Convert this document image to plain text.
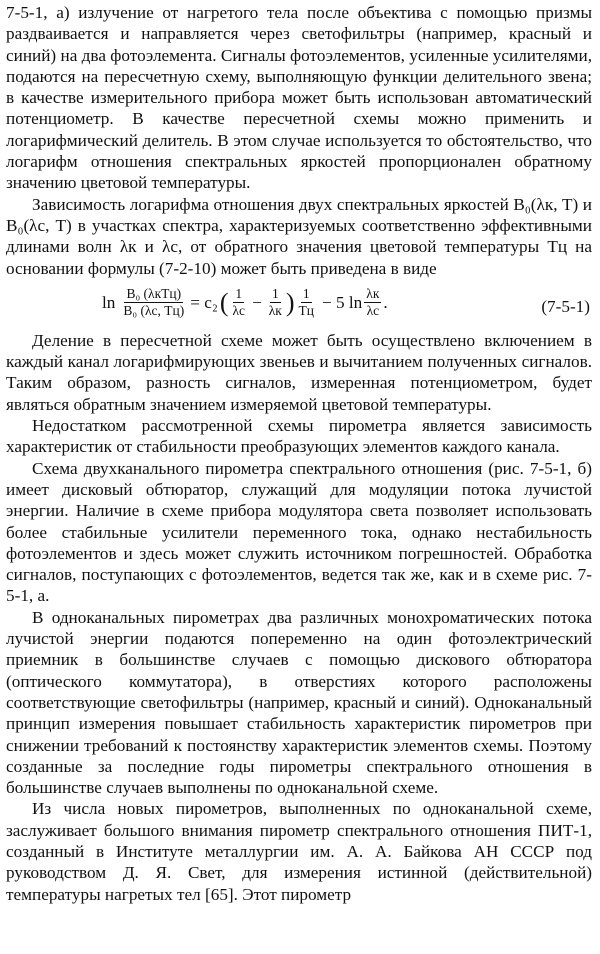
7-5-1, а) излучение от нагретого тела после объектива с помощью призмы раздваивается и направляется через светофильтры (например, красный и синий) на два фотоэлемента. Сигналы фотоэлементов, усиленные усилителями, подаются на пересчетную схему, выполняющую функции делительного звена; в качестве измерительного прибора может быть использован автоматический потенциометр. В качестве пересчетной схемы можно применить и логарифмический делитель. В этом случае используется то обстоятельство, что логарифм отношения спектральных яркостей пропорционален обратному значению цветовой температуры.

Зависимость логарифма отношения двух спектральных яркостей B₀(λк, T) и B₀(λс, T) в участках спектра, характеризуемых соответственно эффективными длинами волн λк и λс, от обратного значения цветовой температуры Tц на основании формулы (7-2-10) может быть приведена в виде

$\ln \frac{\text{B₀ (λкTц)}}{\text{B₀ (λс, Tц)}} = c_2$ ( $\frac{1}{\lambda с} - \frac{1}{\lambda к}$ ) $\frac{1}{Tц} - 5$ $\ln \frac{\lambda к}{\lambda с}$ .	(7-5-1)

Деление в пересчетной схеме может быть осуществлено включением в каждый канал логарифмирующих звеньев и вычитанием полученных сигналов. Таким образом, разность сигналов, измеренная потенциометром, будет являться обратным значением измеряемой цветовой температуры.

Недостатком рассмотренной схемы пирометра является зависимость характеристик от стабильности преобразующих элементов каждого канала.

Схема двухканального пирометра спектрального отношения (рис. 7-5-1, б) имеет дисковый обтюратор, служащий для модуляции потока лучистой энергии. Наличие в схеме прибора модулятора света позволяет использовать более стабильные усилители переменного тока, однако нестабильность фотоэлементов и здесь может служить источником погрешностей. Обработка сигналов, поступающих с фотоэлементов, ведется так же, как и в схеме рис. 7-5-1, а.

В одноканальных пирометрах два различных монохроматических потока лучистой энергии подаются попеременно на один фотоэлектрический приемник в большинстве случаев с помощью дискового обтюратора (оптического коммутатора), в отверстиях которого расположены соответствующие светофильтры (например, красный и синий). Одноканальный принцип измерения повышает стабильность характеристик пирометров при снижении требований к постоянству характеристик элементов схемы. Поэтому созданные за последние годы пирометры спектрального отношения в большинстве случаев выполнены по одноканальной схеме.

Из числа новых пирометров, выполненных по одноканальной схеме, заслуживает большого внимания пирометр спектрального отношения ПИТ-1, созданный в Институте металлургии им. А. А. Байкова АН СССР под руководством Д. Я. Свет, для измерения истинной (действительной) температуры нагретых тел [65]. Этот пирометр
